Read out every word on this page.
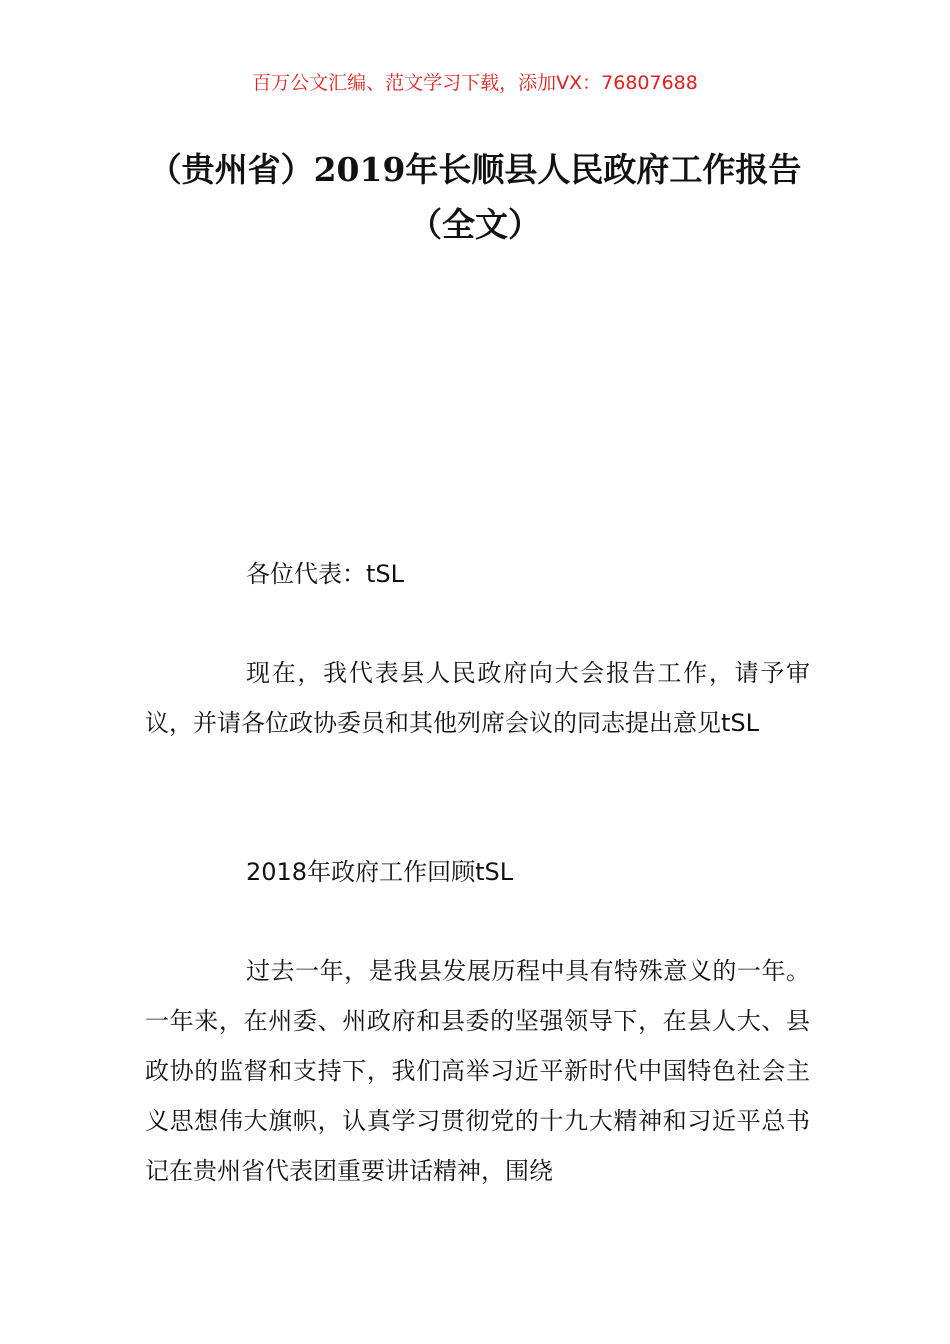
百万公文汇编、范文学习下载，添加VX：76807688
（贵州省）2019年长顺县人民政府工作报告（全文）

各位代表：tSL

现在，我代表县人民政府向大会报告工作，请予审议，并请各位政协委员和其他列席会议的同志提出意见tSL

2018年政府工作回顾tSL

过去一年，是我县发展历程中具有特殊意义的一年。一年来，在州委、州政府和县委的坚强领导下，在县人大、县政协的监督和支持下，我们高举习近平新时代中国特色社会主义思想伟大旗帜，认真学习贯彻党的十九大精神和习近平总书记在贵州省代表团重要讲话精神，围绕
